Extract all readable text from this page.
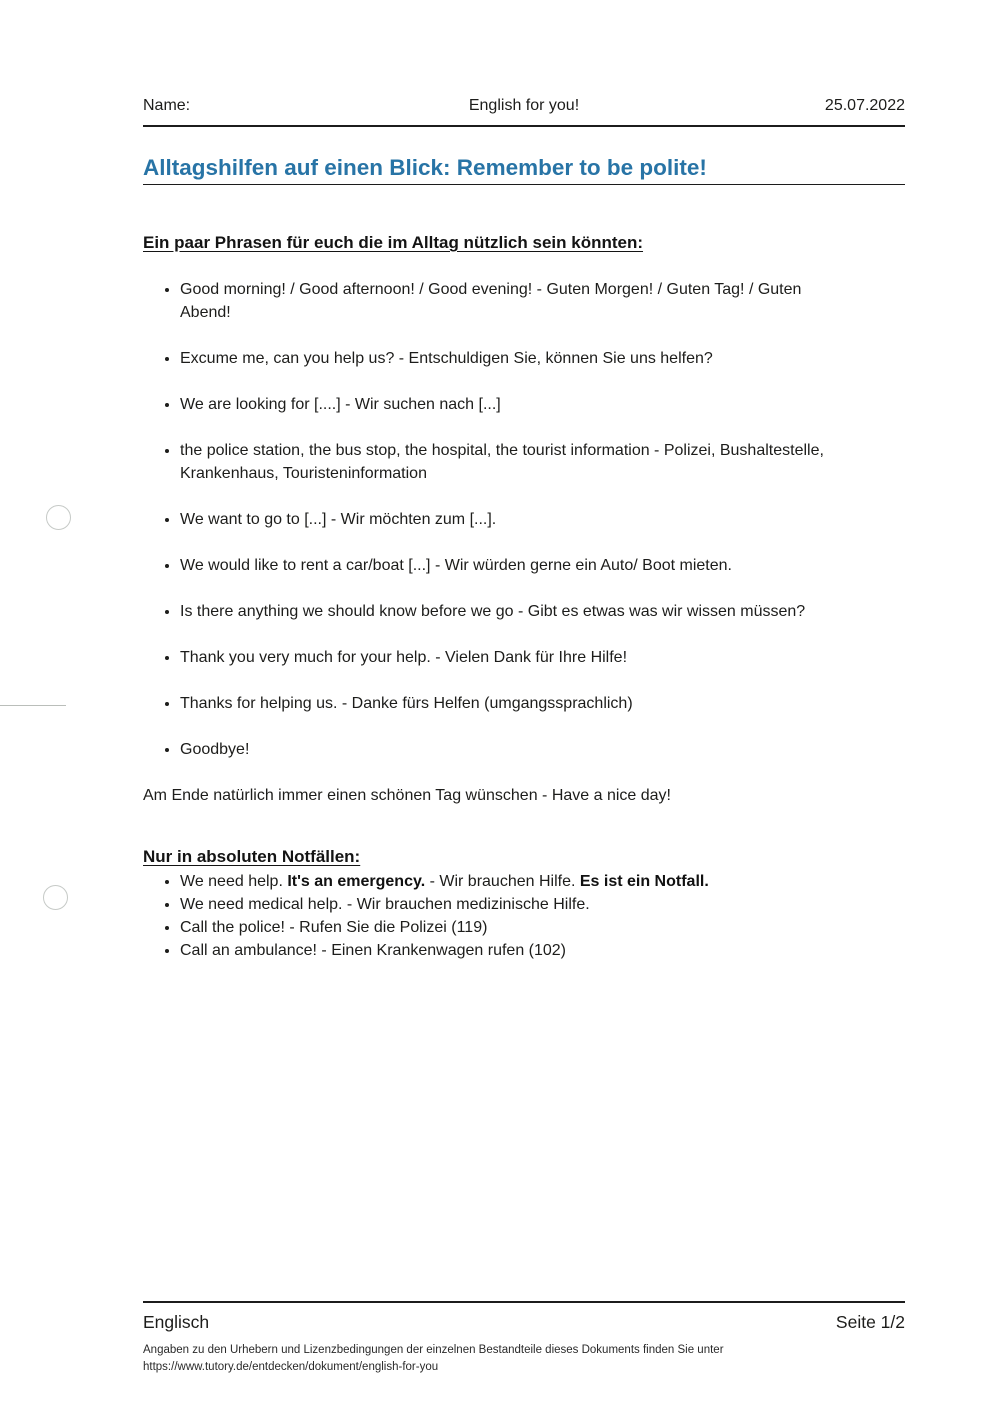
Name:	English for you!	25.07.2022
Alltagshilfen auf einen Blick: Remember to be polite!
Ein paar Phrasen für euch die im Alltag nützlich sein könnten:
• Good morning! / Good afternoon! / Good evening! - Guten Morgen! / Guten Tag! / Guten Abend!
• Excume me, can you help us? - Entschuldigen Sie, können Sie uns helfen?
• We are looking for [....] - Wir suchen nach [...]
• the police station, the bus stop, the hospital, the tourist information - Polizei, Bushaltestelle, Krankenhaus, Touristeninformation
• We want to go to [...] - Wir möchten zum [...].
• We would like to rent a car/boat [...] - Wir würden gerne ein Auto/ Boot mieten.
• Is there anything we should know before we go - Gibt es etwas was wir wissen müssen?
• Thank you very much for your help. - Vielen Dank für Ihre Hilfe!
• Thanks for helping us. - Danke fürs Helfen (umgangssprachlich)
• Goodbye!

Am Ende natürlich immer einen schönen Tag wünschen - Have a nice day!

Nur in absoluten Notfällen:
• We need help. It's an emergency. - Wir brauchen Hilfe. Es ist ein Notfall.
• We need medical help. - Wir brauchen medizinische Hilfe.
• Call the police! - Rufen Sie die Polizei (119)
• Call an ambulance! - Einen Krankenwagen rufen (102)
Englisch	Seite 1/2
Angaben zu den Urhebern und Lizenzbedingungen der einzelnen Bestandteile dieses Dokuments finden Sie unter
https://www.tutory.de/entdecken/dokument/english-for-you
